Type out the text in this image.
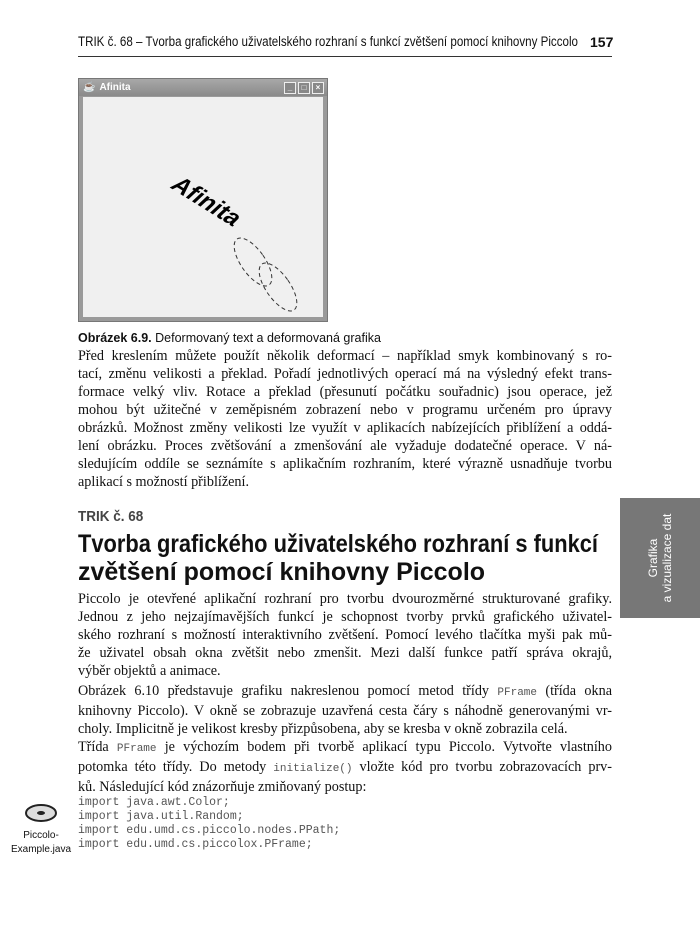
TRIK č. 68 – Tvorba grafického uživatelského rozhraní s funkcí zvětšení pomocí knihovny Piccolo 157
☕ Afinita	_	□	×
Afinita
Obrázek 6.9. Deformovaný text a deformovaná grafika
Před kreslením můžete použít několik deformací – například smyk kombinovaný s ro-
tací, změnu velikosti a překlad. Pořadí jednotlivých operací má na výsledný efekt trans-
formace velký vliv. Rotace a překlad (přesunutí počátku souřadnic) jsou operace, jež
mohou být užitečné v zeměpisném zobrazení nebo v programu určeném pro úpravy
obrázků. Možnost změny velikosti lze využít v aplikacích nabízejících přiblížení a oddá-
lení obrázku. Proces zvětšování a zmenšování ale vyžaduje dodatečné operace. V ná-
sledujícím oddíle se seznámíte s aplikačním rozhraním, které výrazně usnadňuje tvorbu
aplikací s možností přiblížení.
TRIK č. 68
Tvorba grafického uživatelského rozhraní s funkcí
zvětšení pomocí knihovny Piccolo
Piccolo je otevřené aplikační rozhraní pro tvorbu dvourozměrné strukturované grafiky.
Jednou z jeho nejzajímavějších funkcí je schopnost tvorby prvků grafického uživatel-
ského rozhraní s možností interaktivního zvětšení. Pomocí levého tlačítka myši pak mů-
že uživatel obsah okna zvětšit nebo zmenšit. Mezi další funkce patří správa okrajů,
výběr objektů a animace.
Obrázek 6.10 představuje grafiku nakreslenou pomocí metod třídy PFrame (třída okna
knihovny Piccolo). V okně se zobrazuje uzavřená cesta čáry s náhodně generovanými vr-
choly. Implicitně je velikost kresby přizpůsobena, aby se kresba v okně zobrazila celá.
Třída PFrame je výchozím bodem při tvorbě aplikací typu Piccolo. Vytvořte vlastního
potomka této třídy. Do metody initialize() vložte kód pro tvorbu zobrazovacích prv-
ků. Následující kód znázorňuje zmiňovaný postup:
Piccolo-
Example.java
import java.awt.Color;
import java.util.Random;
import edu.umd.cs.piccolo.nodes.PPath;
import edu.umd.cs.piccolox.PFrame;
Grafika a vizualizace dat
